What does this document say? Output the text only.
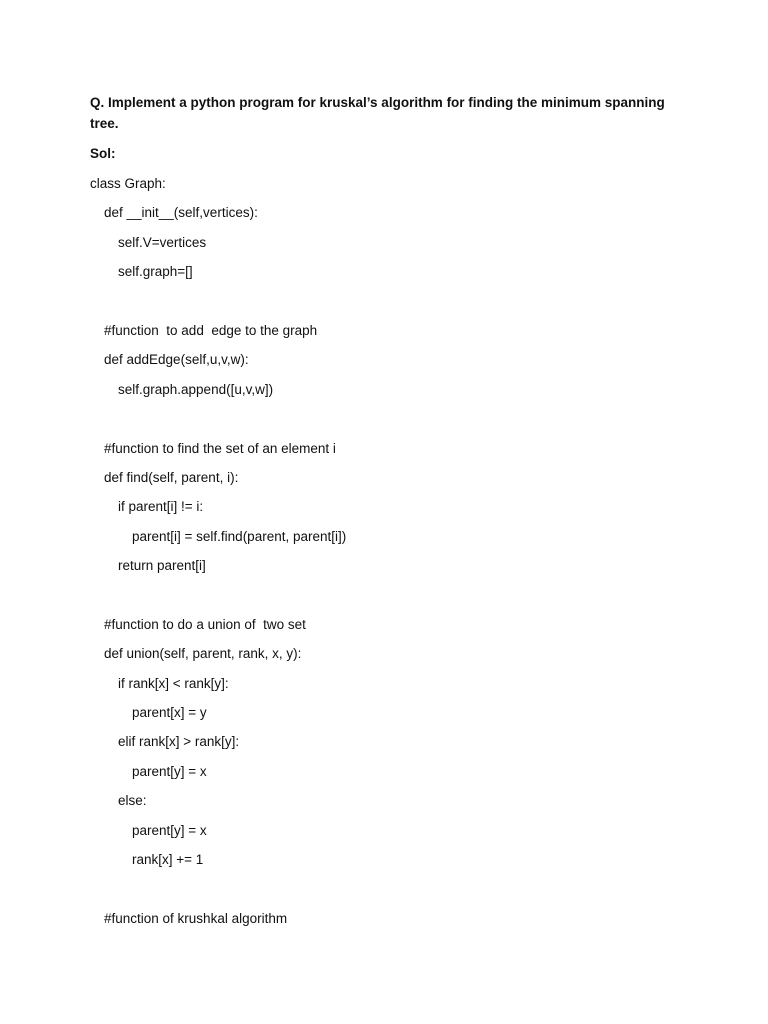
Q. Implement a python program for kruskal’s algorithm for finding the minimum spanning tree.
Sol:
class Graph:
def __init__(self,vertices):
self.V=vertices
self.graph=[]
#function  to add  edge to the graph
def addEdge(self,u,v,w):
self.graph.append([u,v,w])
#function to find the set of an element i
def find(self, parent, i):
if parent[i] != i:
parent[i] = self.find(parent, parent[i])
return parent[i]
#function to do a union of  two set
def union(self, parent, rank, x, y):
if rank[x] < rank[y]:
parent[x] = y
elif rank[x] > rank[y]:
parent[y] = x
else:
parent[y] = x
rank[x] += 1
#function of krushkal algorithm
